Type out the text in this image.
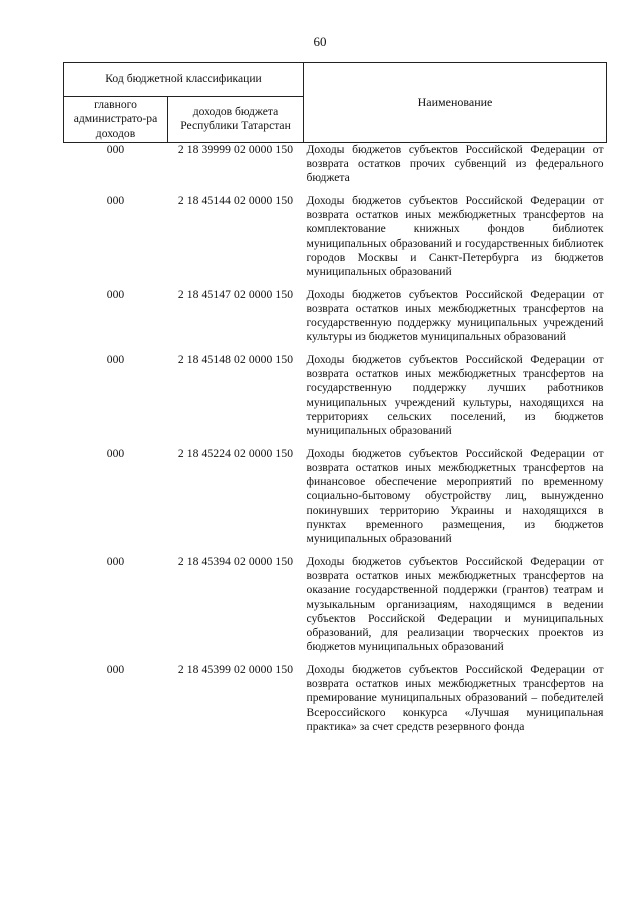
60
Код бюджетной классификации		Наименование
главного администрато-ра доходов	доходов бюджета Республики Татарстан	
000	2 18 39999 02 0000 150	Доходы бюджетов субъектов Российской Федерации от возврата остатков прочих субвенций из федерального бюджета
000	2 18 45144 02 0000 150	Доходы бюджетов субъектов Российской Федерации от возврата остатков иных межбюджетных трансфертов на комплектование книжных фондов библиотек муниципальных образований и государственных библиотек городов Москвы и Санкт-Петербурга из бюджетов муниципальных образований
000	2 18 45147 02 0000 150	Доходы бюджетов субъектов Российской Федерации от возврата остатков иных межбюджетных трансфертов на государственную поддержку муниципальных учреждений культуры из бюджетов муниципальных образований
000	2 18 45148 02 0000 150	Доходы бюджетов субъектов Российской Федерации от возврата остатков иных межбюджетных трансфертов на государственную поддержку лучших работников муниципальных учреждений культуры, находящихся на территориях сельских поселений, из бюджетов муниципальных образований
000	2 18 45224 02 0000 150	Доходы бюджетов субъектов Российской Федерации от возврата остатков иных межбюджетных трансфертов на финансовое обеспечение мероприятий по временному социально-бытовому обустройству лиц, вынужденно покинувших территорию Украины и находящихся в пунктах временного размещения, из бюджетов муниципальных образований
000	2 18 45394 02 0000 150	Доходы бюджетов субъектов Российской Федерации от возврата остатков иных межбюджетных трансфертов на оказание государственной поддержки (грантов) театрам и музыкальным организациям, находящимся в ведении субъектов Российской Федерации и муниципальных образований, для реализации творческих проектов из бюджетов муниципальных образований
000	2 18 45399 02 0000 150	Доходы бюджетов субъектов Российской Федерации от возврата остатков иных межбюджетных трансфертов на премирование муниципальных образований – победителей Всероссийского конкурса «Лучшая муниципальная практика» за счет средств резервного фонда
